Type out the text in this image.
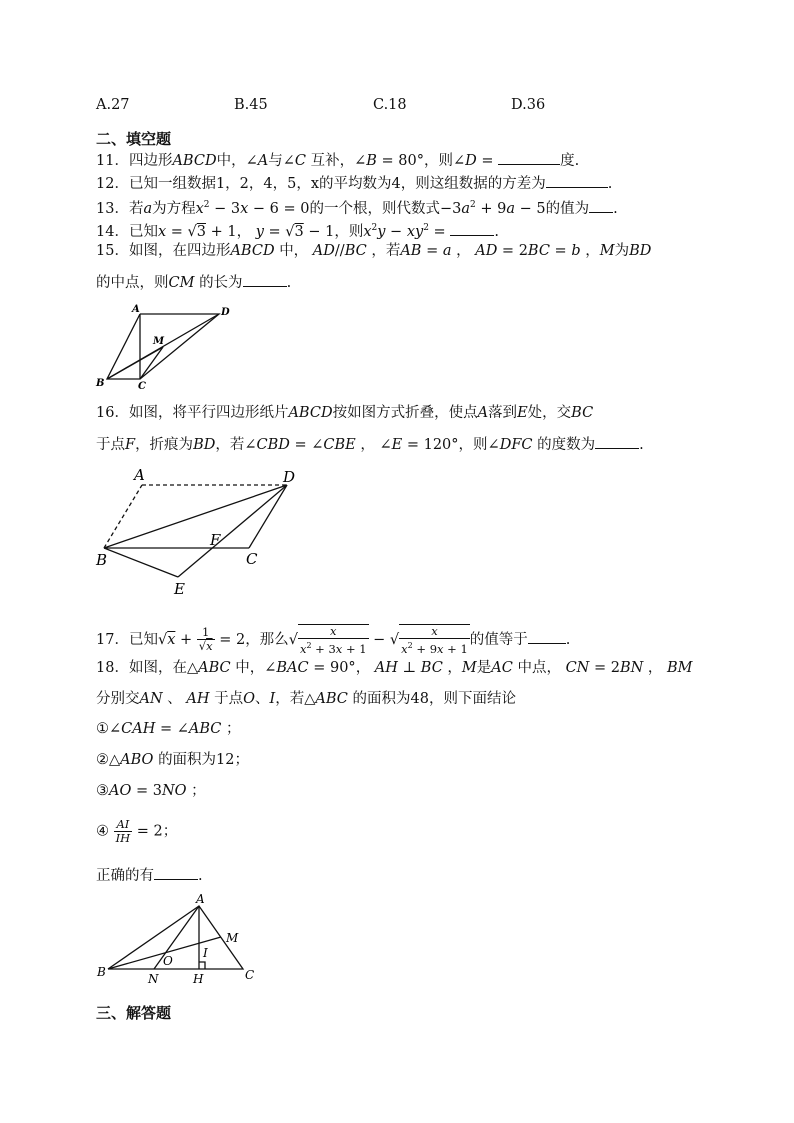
A.27	B.45	C.18	D.36
二、填空题
11．四边形ABCD中，∠A与∠C 互补，∠B = 80°，则∠D =	度.
12．已知一组数据1，2，4，5，x的平均数为4，则这组数据的方差为	.
13．若a为方程$x^2 - 3x - 6 = 0$的一个根，则代数式$-3a^2 + 9a - 5$的值为 .
14．已知x = √3 + 1， y = √3 − 1，则$x^2y - xy^2$ =	.
15．如图，在四边形ABCD 中， AD//BC ，若AB = a ， AD = 2BC = b ，M为BD
的中点，则CM 的长为	.
A	D
M
B	C
16．如图，将平行四边形纸片ABCD按如图方式折叠，使点A落到E处，交BC
于点F，折痕为BD，若∠CBD = ∠CBE ， ∠E = 120°，则∠DFC 的度数为	.
A	D
F
B	C
E
17．已知$√x + \frac{1}{√x} = 2$，那么√ $\frac{x}{x^2 + 3x + 1}$ − √ $\frac{x}{x^2 + 9x + 1}$ 的值等于	.
18．如图，在△ABC 中，∠BAC = 90°， AH ⊥ BC ，M是AC 中点， CN = 2BN ， BM
分别交AN 、 AH 于点O、I，若△ABC 的面积为48，则下面结论
①∠CAH = ∠ABC ；
②△ABO 的面积为12；
③AO = 3NO ；
④ $\frac{AI}{IH} = 2$；
正确的有	.
A
M
I
O
B	N	H	C
三、解答题
